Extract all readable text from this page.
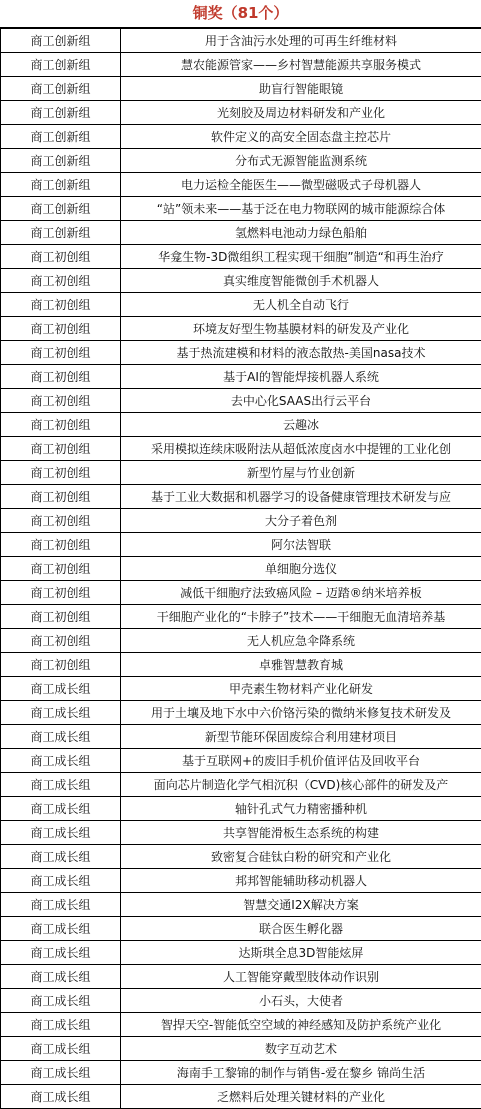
铜奖（81个）
商工创新组	用于含油污水处理的可再生纤维材料
商工创新组	慧农能源管家——乡村智慧能源共享服务模式
商工创新组	助盲行智能眼镜
商工创新组	光刻胶及周边材料研发和产业化
商工创新组	软件定义的高安全固态盘主控芯片
商工创新组	分布式无源智能监测系统
商工创新组	电力运检全能医生——微型磁吸式子母机器人
商工创新组	“站”领未来——基于泛在电力物联网的城市能源综合体
商工创新组	氢燃料电池动力绿色船舶
商工初创组	华龛生物-3D微组织工程实现干细胞”制造“和再生治疗
商工初创组	真实维度智能微创手术机器人
商工初创组	无人机全自动飞行
商工初创组	环境友好型生物基膜材料的研发及产业化
商工初创组	基于热流建模和材料的液态散热-美国nasa技术
商工初创组	基于AI的智能焊接机器人系统
商工初创组	去中心化SAAS出行云平台
商工初创组	云趣冰
商工初创组	采用模拟连续床吸附法从超低浓度卤水中提锂的工业化创
商工初创组	新型竹屋与竹业创新
商工初创组	基于工业大数据和机器学习的设备健康管理技术研发与应
商工初创组	大分子着色剂
商工初创组	阿尔法智联
商工初创组	单细胞分选仪
商工初创组	减低干细胞疗法致癌风险 – 迈踏®纳米培养板
商工初创组	干细胞产业化的“卡脖子”技术——干细胞无血清培养基
商工初创组	无人机应急伞降系统
商工初创组	卓雅智慧教育城
商工成长组	甲壳素生物材料产业化研发
商工成长组	用于土壤及地下水中六价铬污染的微纳米修复技术研发及
商工成长组	新型节能环保固废综合利用建材项目
商工成长组	基于互联网+的废旧手机价值评估及回收平台
商工成长组	面向芯片制造化学气相沉积（CVD)核心部件的研发及产
商工成长组	轴针孔式气力精密播种机
商工成长组	共享智能滑板生态系统的构建
商工成长组	致密复合硅钛白粉的研究和产业化
商工成长组	邦邦智能辅助移动机器人
商工成长组	智慧交通I2X解决方案
商工成长组	联合医生孵化器
商工成长组	达斯琪全息3D智能炫屏
商工成长组	人工智能穿戴型肢体动作识别
商工成长组	小石头，大使者
商工成长组	智捍天空-智能低空空域的神经感知及防护系统产业化
商工成长组	数字互动艺术
商工成长组	海南手工黎锦的制作与销售-爱在黎乡 锦尚生活
商工成长组	乏燃料后处理关键材料的产业化
